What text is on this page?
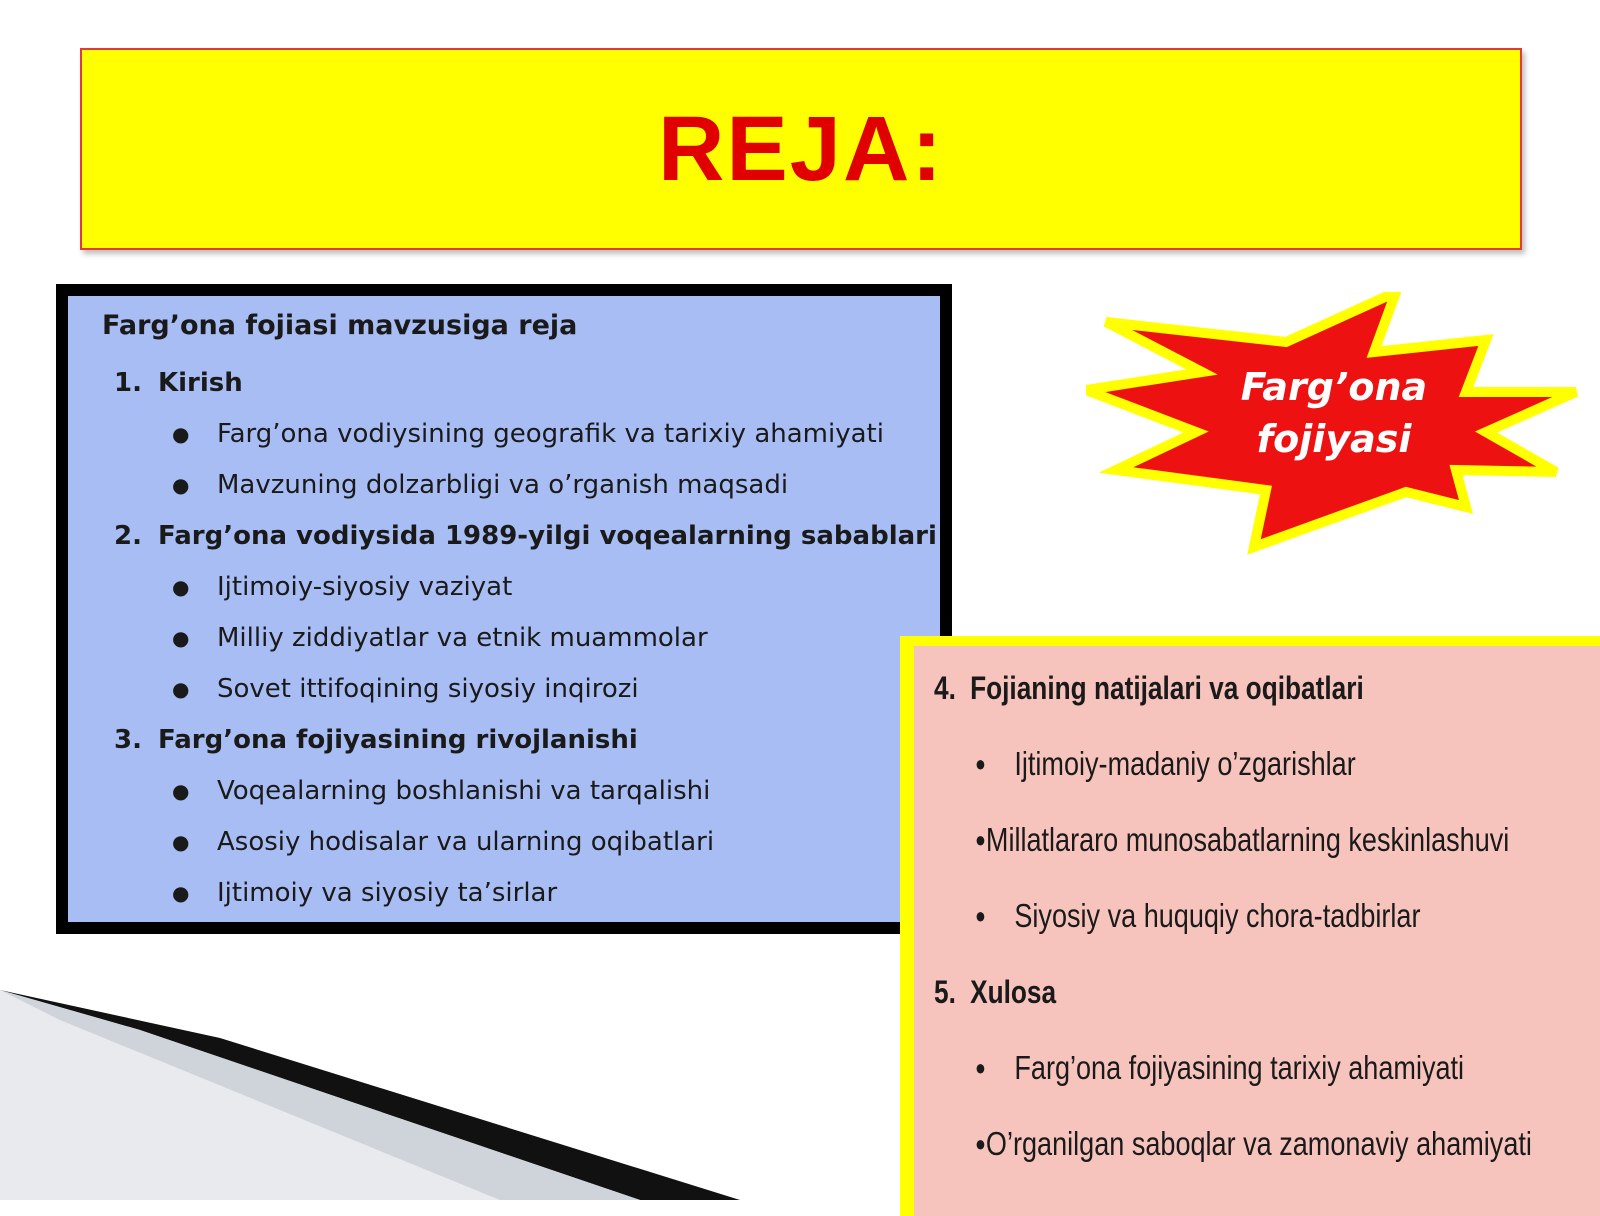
REJA:
Farg’ona fojiasi mavzusiga reja
1. Kirish
●	Farg’ona vodiysining geografik va tarixiy ahamiyati
●	Mavzuning dolzarbligi va o’rganish maqsadi
2. Farg’ona vodiysida 1989-yilgi voqealarning sabablari
●	Ijtimoiy-siyosiy vaziyat
●	Milliy ziddiyatlar va etnik muammolar
●	Sovet ittifoqining siyosiy inqirozi
3. Farg’ona fojiyasining rivojlanishi
●	Voqealarning boshlanishi va tarqalishi
●	Asosiy hodisalar va ularning oqibatlari
●	Ijtimoiy va siyosiy ta’sirlar
Farg’ona
fojiyasi
4. Fojianing natijalari va oqibatlari
● Ijtimoiy-madaniy o’zgarishlar
● Millatlararo munosabatlarning keskinlashuvi
● Siyosiy va huquqiy chora-tadbirlar
5. Xulosa
● Farg’ona fojiyasining tarixiy ahamiyati
● O’rganilgan saboqlar va zamonaviy ahamiyati
